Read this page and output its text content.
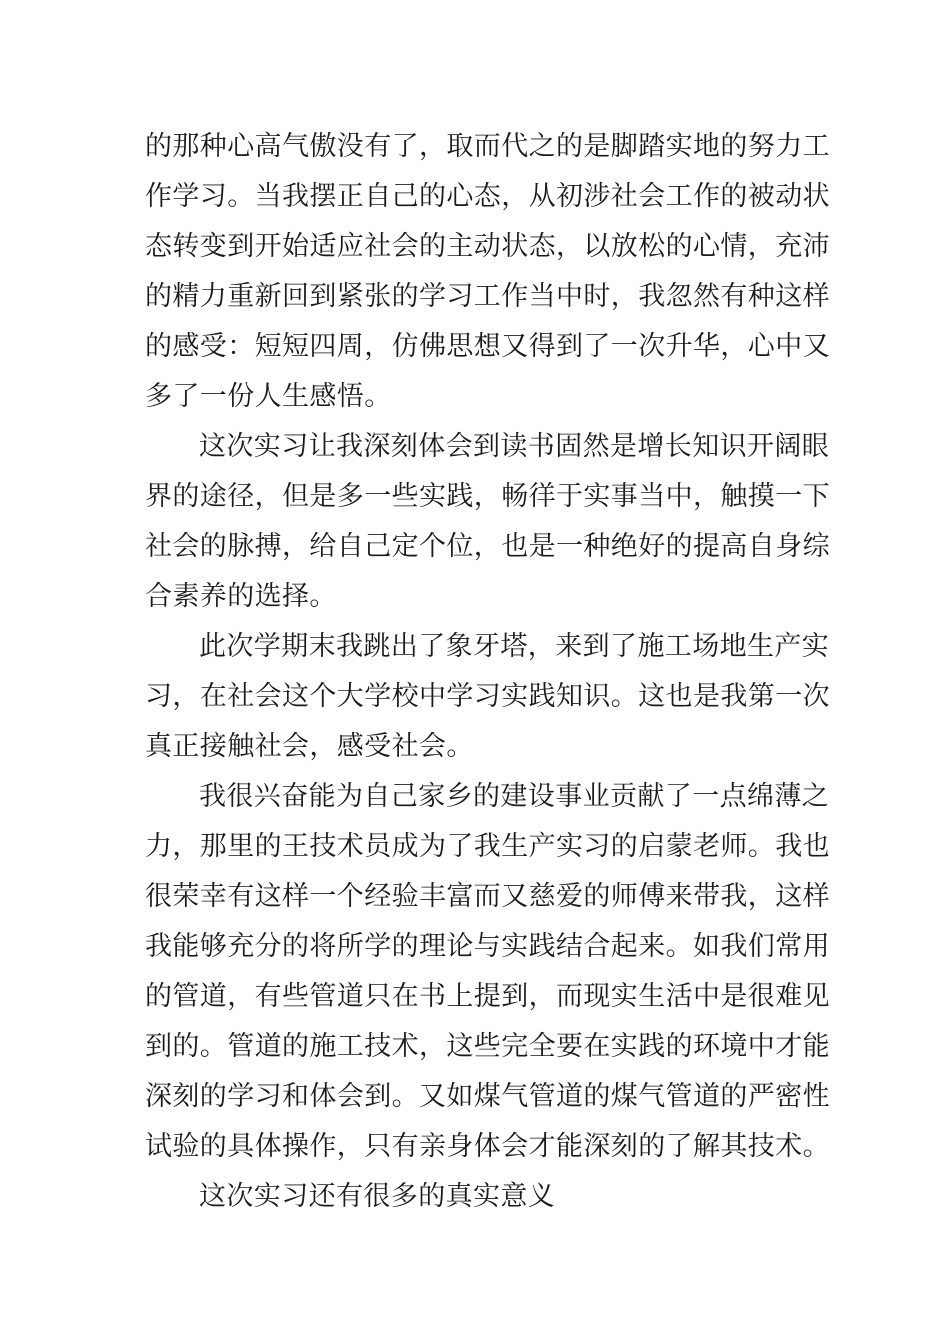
的那种心高气傲没有了，取而代之的是脚踏实地的努力工
作学习。当我摆正自己的心态，从初涉社会工作的被动状
态转变到开始适应社会的主动状态，以放松的心情，充沛
的精力重新回到紧张的学习工作当中时，我忽然有种这样
的感受：短短四周，仿佛思想又得到了一次升华，心中又
多了一份人生感悟。
这次实习让我深刻体会到读书固然是增长知识开阔眼
界的途径，但是多一些实践，畅徉于实事当中，触摸一下
社会的脉搏，给自己定个位，也是一种绝好的提高自身综
合素养的选择。
此次学期末我跳出了象牙塔，来到了施工场地生产实
习，在社会这个大学校中学习实践知识。这也是我第一次
真正接触社会，感受社会。
我很兴奋能为自己家乡的建设事业贡献了一点绵薄之
力，那里的王技术员成为了我生产实习的启蒙老师。我也
很荣幸有这样一个经验丰富而又慈爱的师傅来带我，这样
我能够充分的将所学的理论与实践结合起来。如我们常用
的管道，有些管道只在书上提到，而现实生活中是很难见
到的。管道的施工技术，这些完全要在实践的环境中才能
深刻的学习和体会到。又如煤气管道的煤气管道的严密性
试验的具体操作，只有亲身体会才能深刻的了解其技术。
这次实习还有很多的真实意义
